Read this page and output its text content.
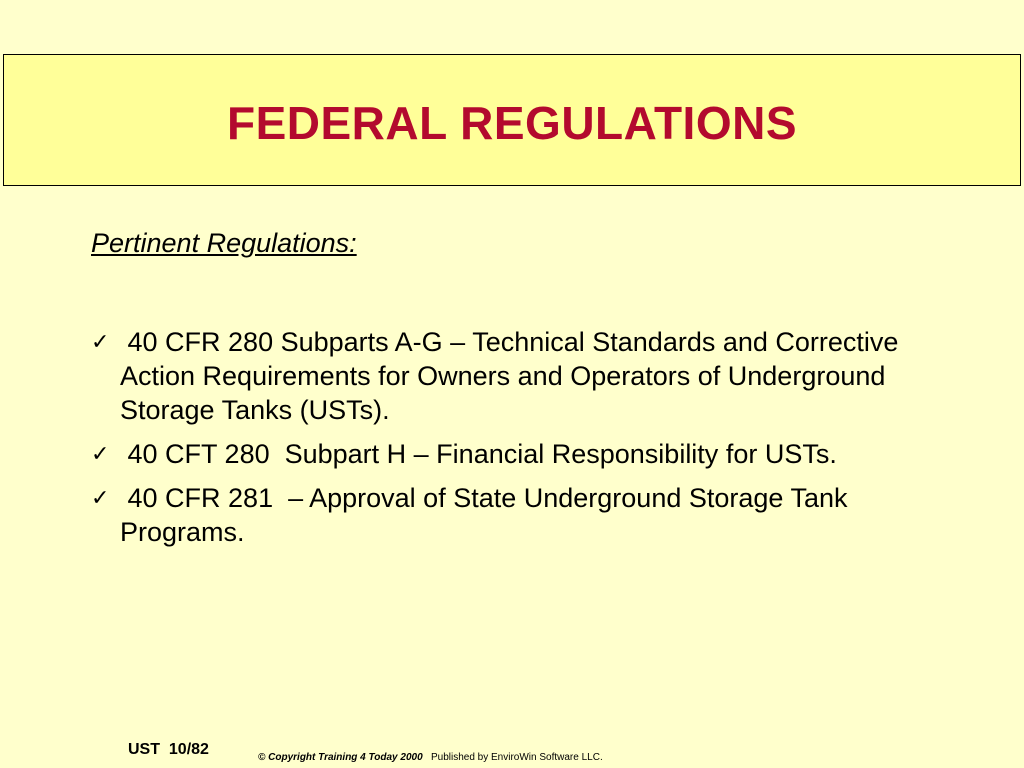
FEDERAL REGULATIONS
Pertinent Regulations:
✓ 40 CFR 280 Subparts A-G – Technical Standards and Corrective Action Requirements for Owners and Operators of Underground Storage Tanks (USTs).
✓ 40 CFT 280  Subpart H – Financial Responsibility for USTs.
✓ 40 CFR 281  – Approval of State Underground Storage Tank Programs.
UST  10/82	© Copyright Training 4 Today 2000 Published by EnviroWin Software LLC.
